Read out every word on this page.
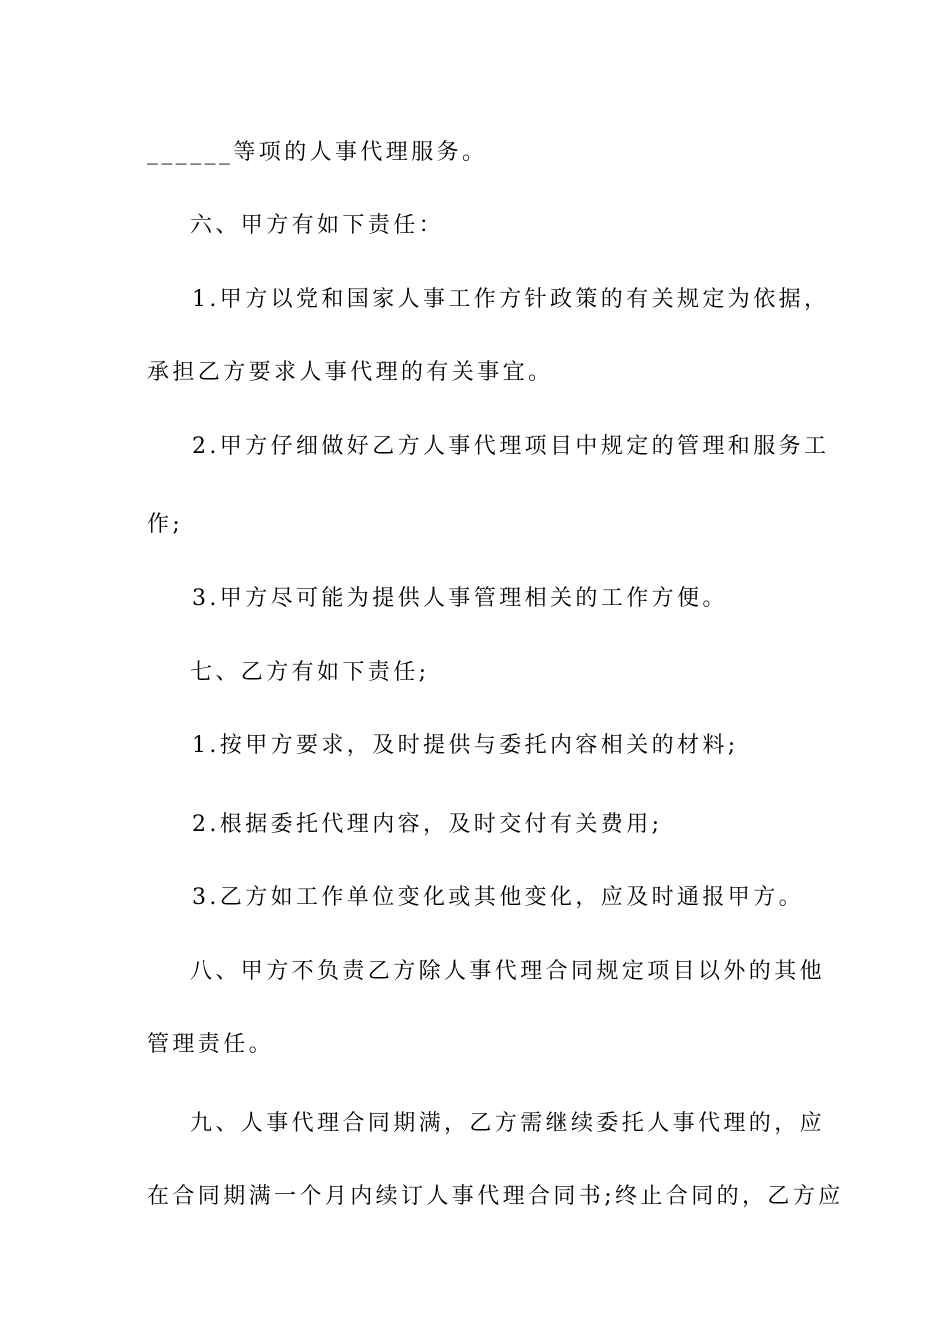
______等项的人事代理服务。
六、甲方有如下责任：
1.甲方以党和国家人事工作方针政策的有关规定为依据，
承担乙方要求人事代理的有关事宜。
2.甲方仔细做好乙方人事代理项目中规定的管理和服务工
作;
3.甲方尽可能为提供人事管理相关的工作方便。
七、乙方有如下责任;
1.按甲方要求，及时提供与委托内容相关的材料;
2.根据委托代理内容，及时交付有关费用;
3.乙方如工作单位变化或其他变化，应及时通报甲方。
八、甲方不负责乙方除人事代理合同规定项目以外的其他
管理责任。
九、人事代理合同期满，乙方需继续委托人事代理的，应
在合同期满一个月内续订人事代理合同书;终止合同的，乙方应
